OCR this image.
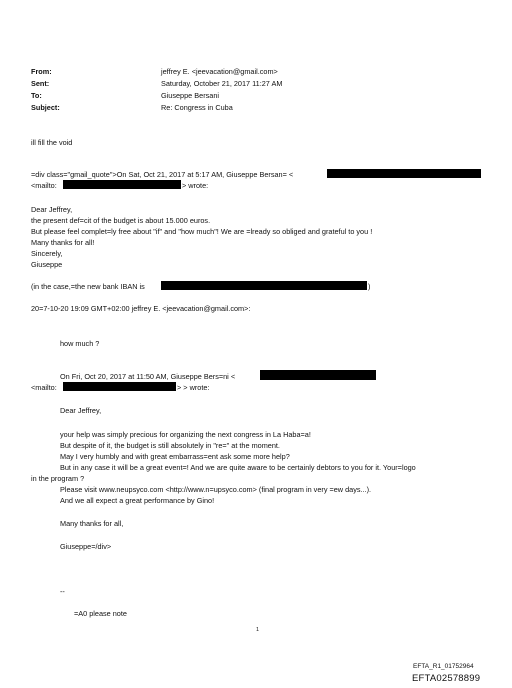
From:	jeffrey E. <jeevacation@gmail.com>
Sent:	Saturday, October 21, 2017 11:27 AM
To:	Giuseppe Bersani
Subject:	Re: Congress in Cuba
ill fill the void
=div class="gmail_quote">On Sat, Oct 21, 2017 at 5:17 AM, Giuseppe Bersan= <
<mailto:	> wrote:
Dear Jeffrey,
the present def=cit of the budget is about 15.000 euros.
But please feel complet=ly free about "if" and "how much"! We are =lready so obliged and grateful to you !
Many thanks for all!
Sincerely,
Giuseppe
(in the case,=the new bank IBAN is	)
20=7-10-20 19:09 GMT+02:00 jeffrey E. <jeevacation@gmail.com>:
how much ?
On Fri, Oct 20, 2017 at 11:50 AM, Giuseppe Bers=ni <
<mailto:	> > wrote:
Dear Jeffrey,
your help was simply precious for organizing the next congress in La Haba=a!
But despite of it, the budget is still absolutely in "re=" at the moment.
May I very humbly and with great embarrass=ent ask some more help?
But in any case it will be a great event=! And we are quite aware to be certainly debtors to you for it. Your=logo
in the program ?
Please visit www.neupsyco.com <http://www.n=upsyco.com> (final program in very =ew days...).
And we all expect a great performance by Gino!
Many thanks for all,
Giuseppe=/div>
--
=A0 please note
1
EFTA_R1_01752964
EFTA02578899
